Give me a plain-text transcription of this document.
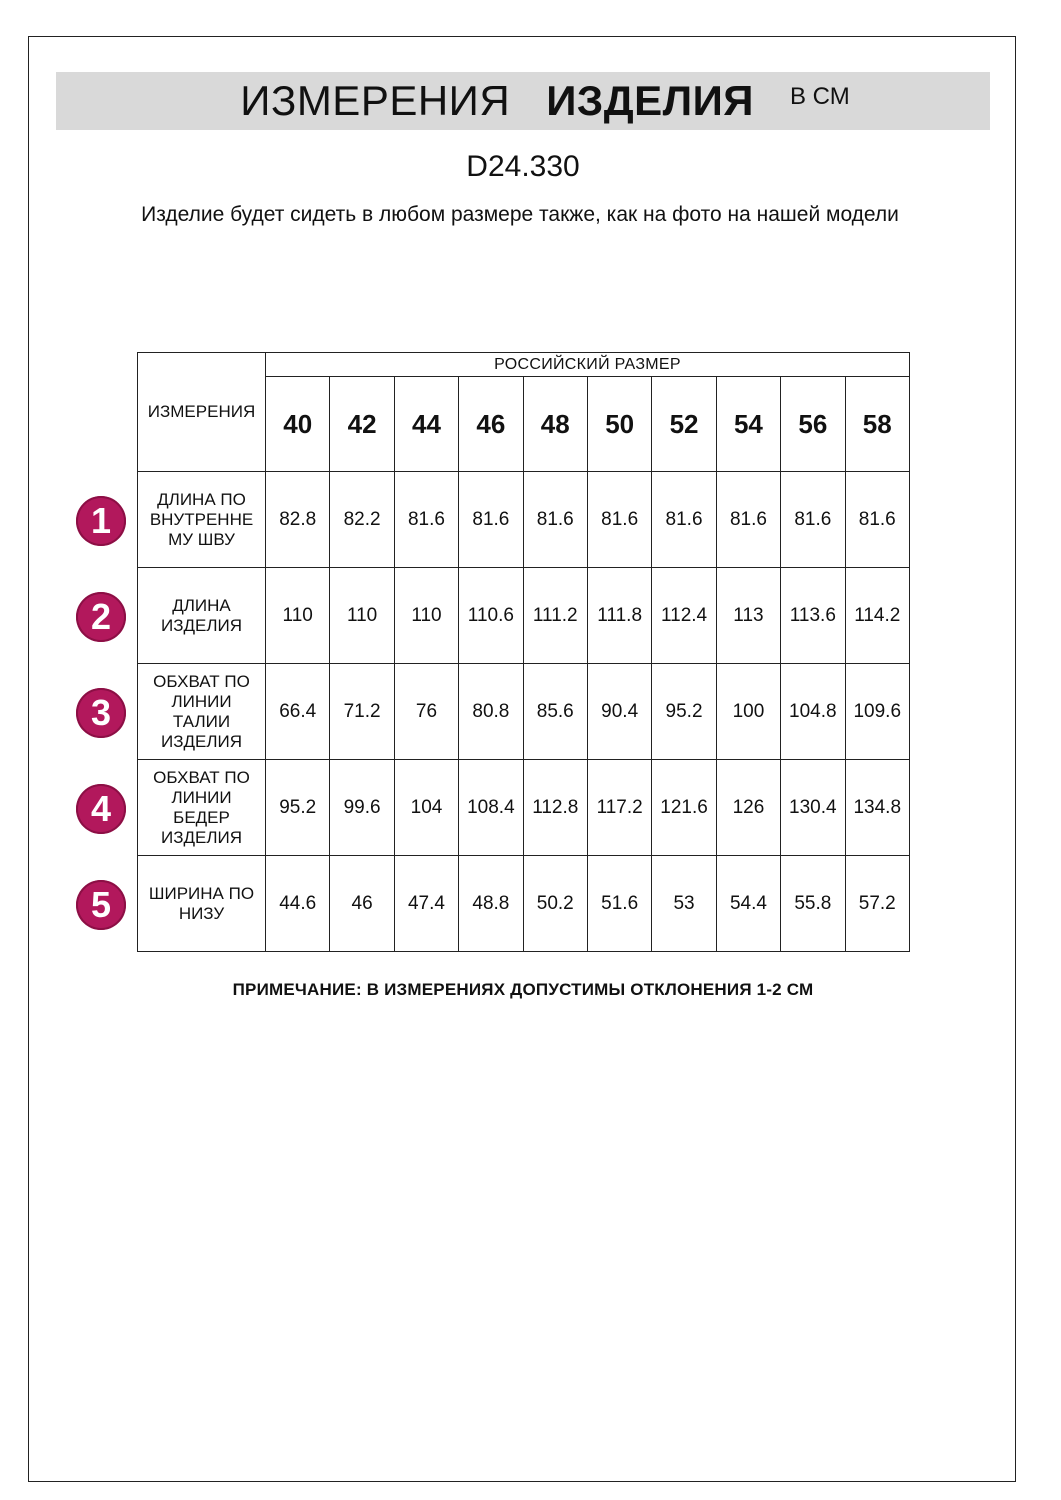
ИЗМЕРЕНИЯ ИЗДЕЛИЯ В СМ
D24.330
Изделие будет сидеть в любом размере также, как на фото на нашей модели
ИЗМЕРЕНИЯ	РОССИЙСКИЙ РАЗМЕР									
	40	42	44	46	48	50	52	54	56	58
ДЛИНА ПО ВНУТРЕННЕ МУ ШВУ	82.8	82.2	81.6	81.6	81.6	81.6	81.6	81.6	81.6	81.6
ДЛИНА ИЗДЕЛИЯ	110	110	110	110.6	111.2	111.8	112.4	113	113.6	114.2
ОБХВАТ ПО ЛИНИИ ТАЛИИ ИЗДЕЛИЯ	66.4	71.2	76	80.8	85.6	90.4	95.2	100	104.8	109.6
ОБХВАТ ПО ЛИНИИ БЕДЕР ИЗДЕЛИЯ	95.2	99.6	104	108.4	112.8	117.2	121.6	126	130.4	134.8
ШИРИНА ПО НИЗУ	44.6	46	47.4	48.8	50.2	51.6	53	54.4	55.8	57.2
1
2
3
4
5
ПРИМЕЧАНИЕ: В ИЗМЕРЕНИЯХ ДОПУСТИМЫ ОТКЛОНЕНИЯ 1-2 СМ
